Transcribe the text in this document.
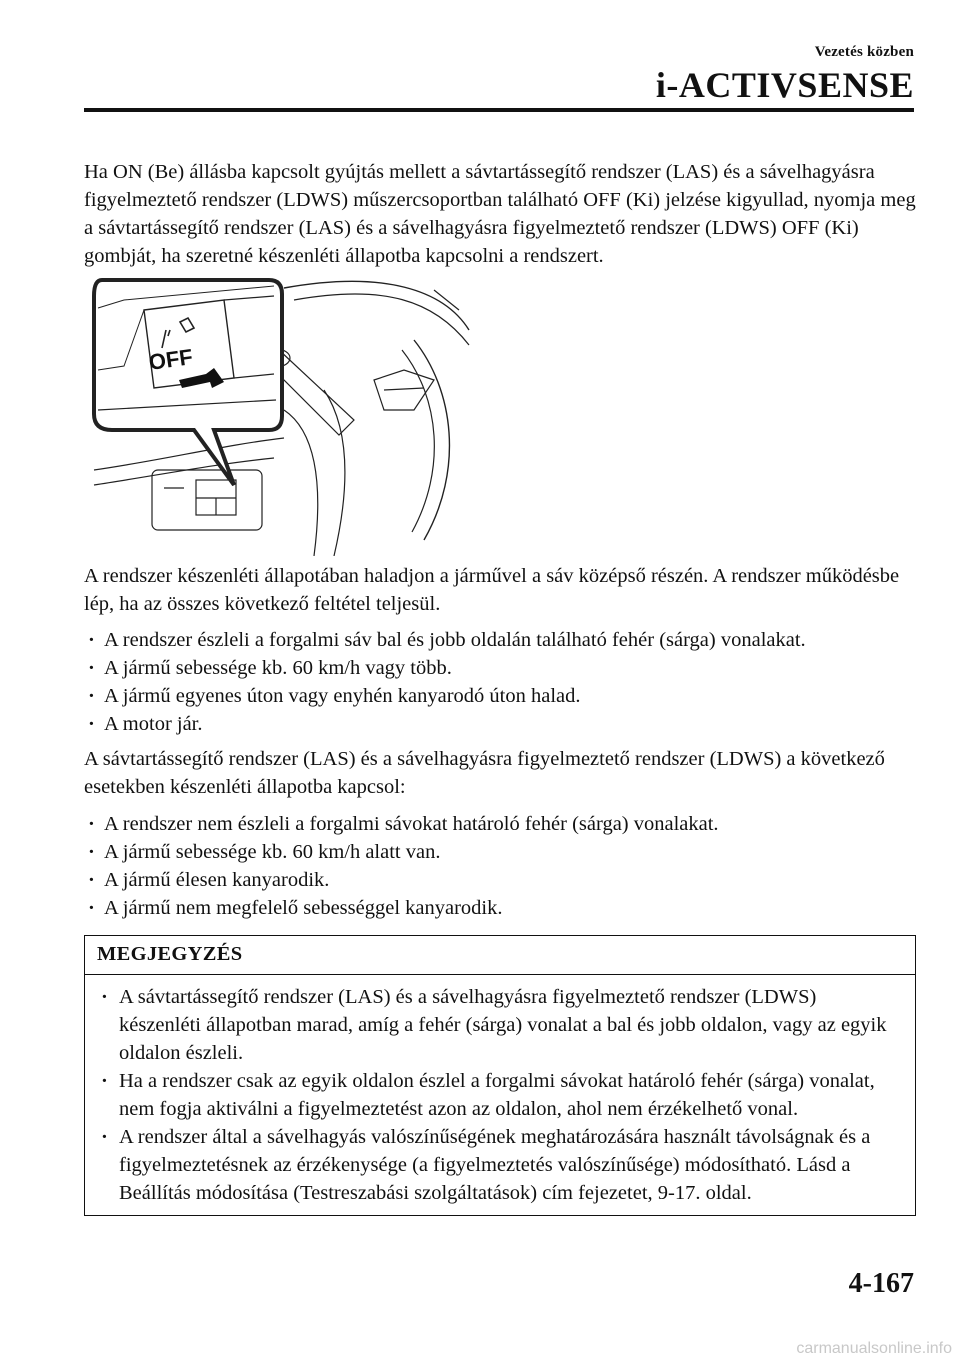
Vezetés közben
i-ACTIVSENSE
Ha ON (Be) állásba kapcsolt gyújtás mellett a sávtartássegítő rendszer (LAS) és a sávelhagyásra figyelmeztető rendszer (LDWS) műszercsoportban található OFF (Ki) jelzése kigyullad, nyomja meg a sávtartássegítő rendszer (LAS) és a sávelhagyásra figyelmeztető rendszer (LDWS) OFF (Ki) gombját, ha szeretné készenléti állapotba kapcsolni a rendszert.
OFF
A rendszer készenléti állapotában haladjon a járművel a sáv középső részén. A rendszer működésbe lép, ha az összes következő feltétel teljesül.
· A rendszer észleli a forgalmi sáv bal és jobb oldalán található fehér (sárga) vonalakat.
· A jármű sebessége kb. 60 km/h vagy több.
· A jármű egyenes úton vagy enyhén kanyarodó úton halad.
· A motor jár.
A sávtartássegítő rendszer (LAS) és a sávelhagyásra figyelmeztető rendszer (LDWS) a következő esetekben készenléti állapotba kapcsol:
· A rendszer nem észleli a forgalmi sávokat határoló fehér (sárga) vonalakat.
· A jármű sebessége kb. 60 km/h alatt van.
· A jármű élesen kanyarodik.
· A jármű nem megfelelő sebességgel kanyarodik.
MEGJEGYZÉS
· A sávtartássegítő rendszer (LAS) és a sávelhagyásra figyelmeztető rendszer (LDWS) készenléti állapotban marad, amíg a fehér (sárga) vonalat a bal és jobb oldalon, vagy az egyik oldalon észleli.
· Ha a rendszer csak az egyik oldalon észlel a forgalmi sávokat határoló fehér (sárga) vonalat, nem fogja aktiválni a figyelmeztetést azon az oldalon, ahol nem érzékelhető vonal.
· A rendszer által a sávelhagyás valószínűségének meghatározására használt távolságnak és a figyelmeztetésnek az érzékenysége (a figyelmeztetés valószínűsége) módosítható. Lásd a Beállítás módosítása (Testreszabási szolgáltatások) cím fejezetet, 9-17. oldal.
4-167
carmanualsonline.info
